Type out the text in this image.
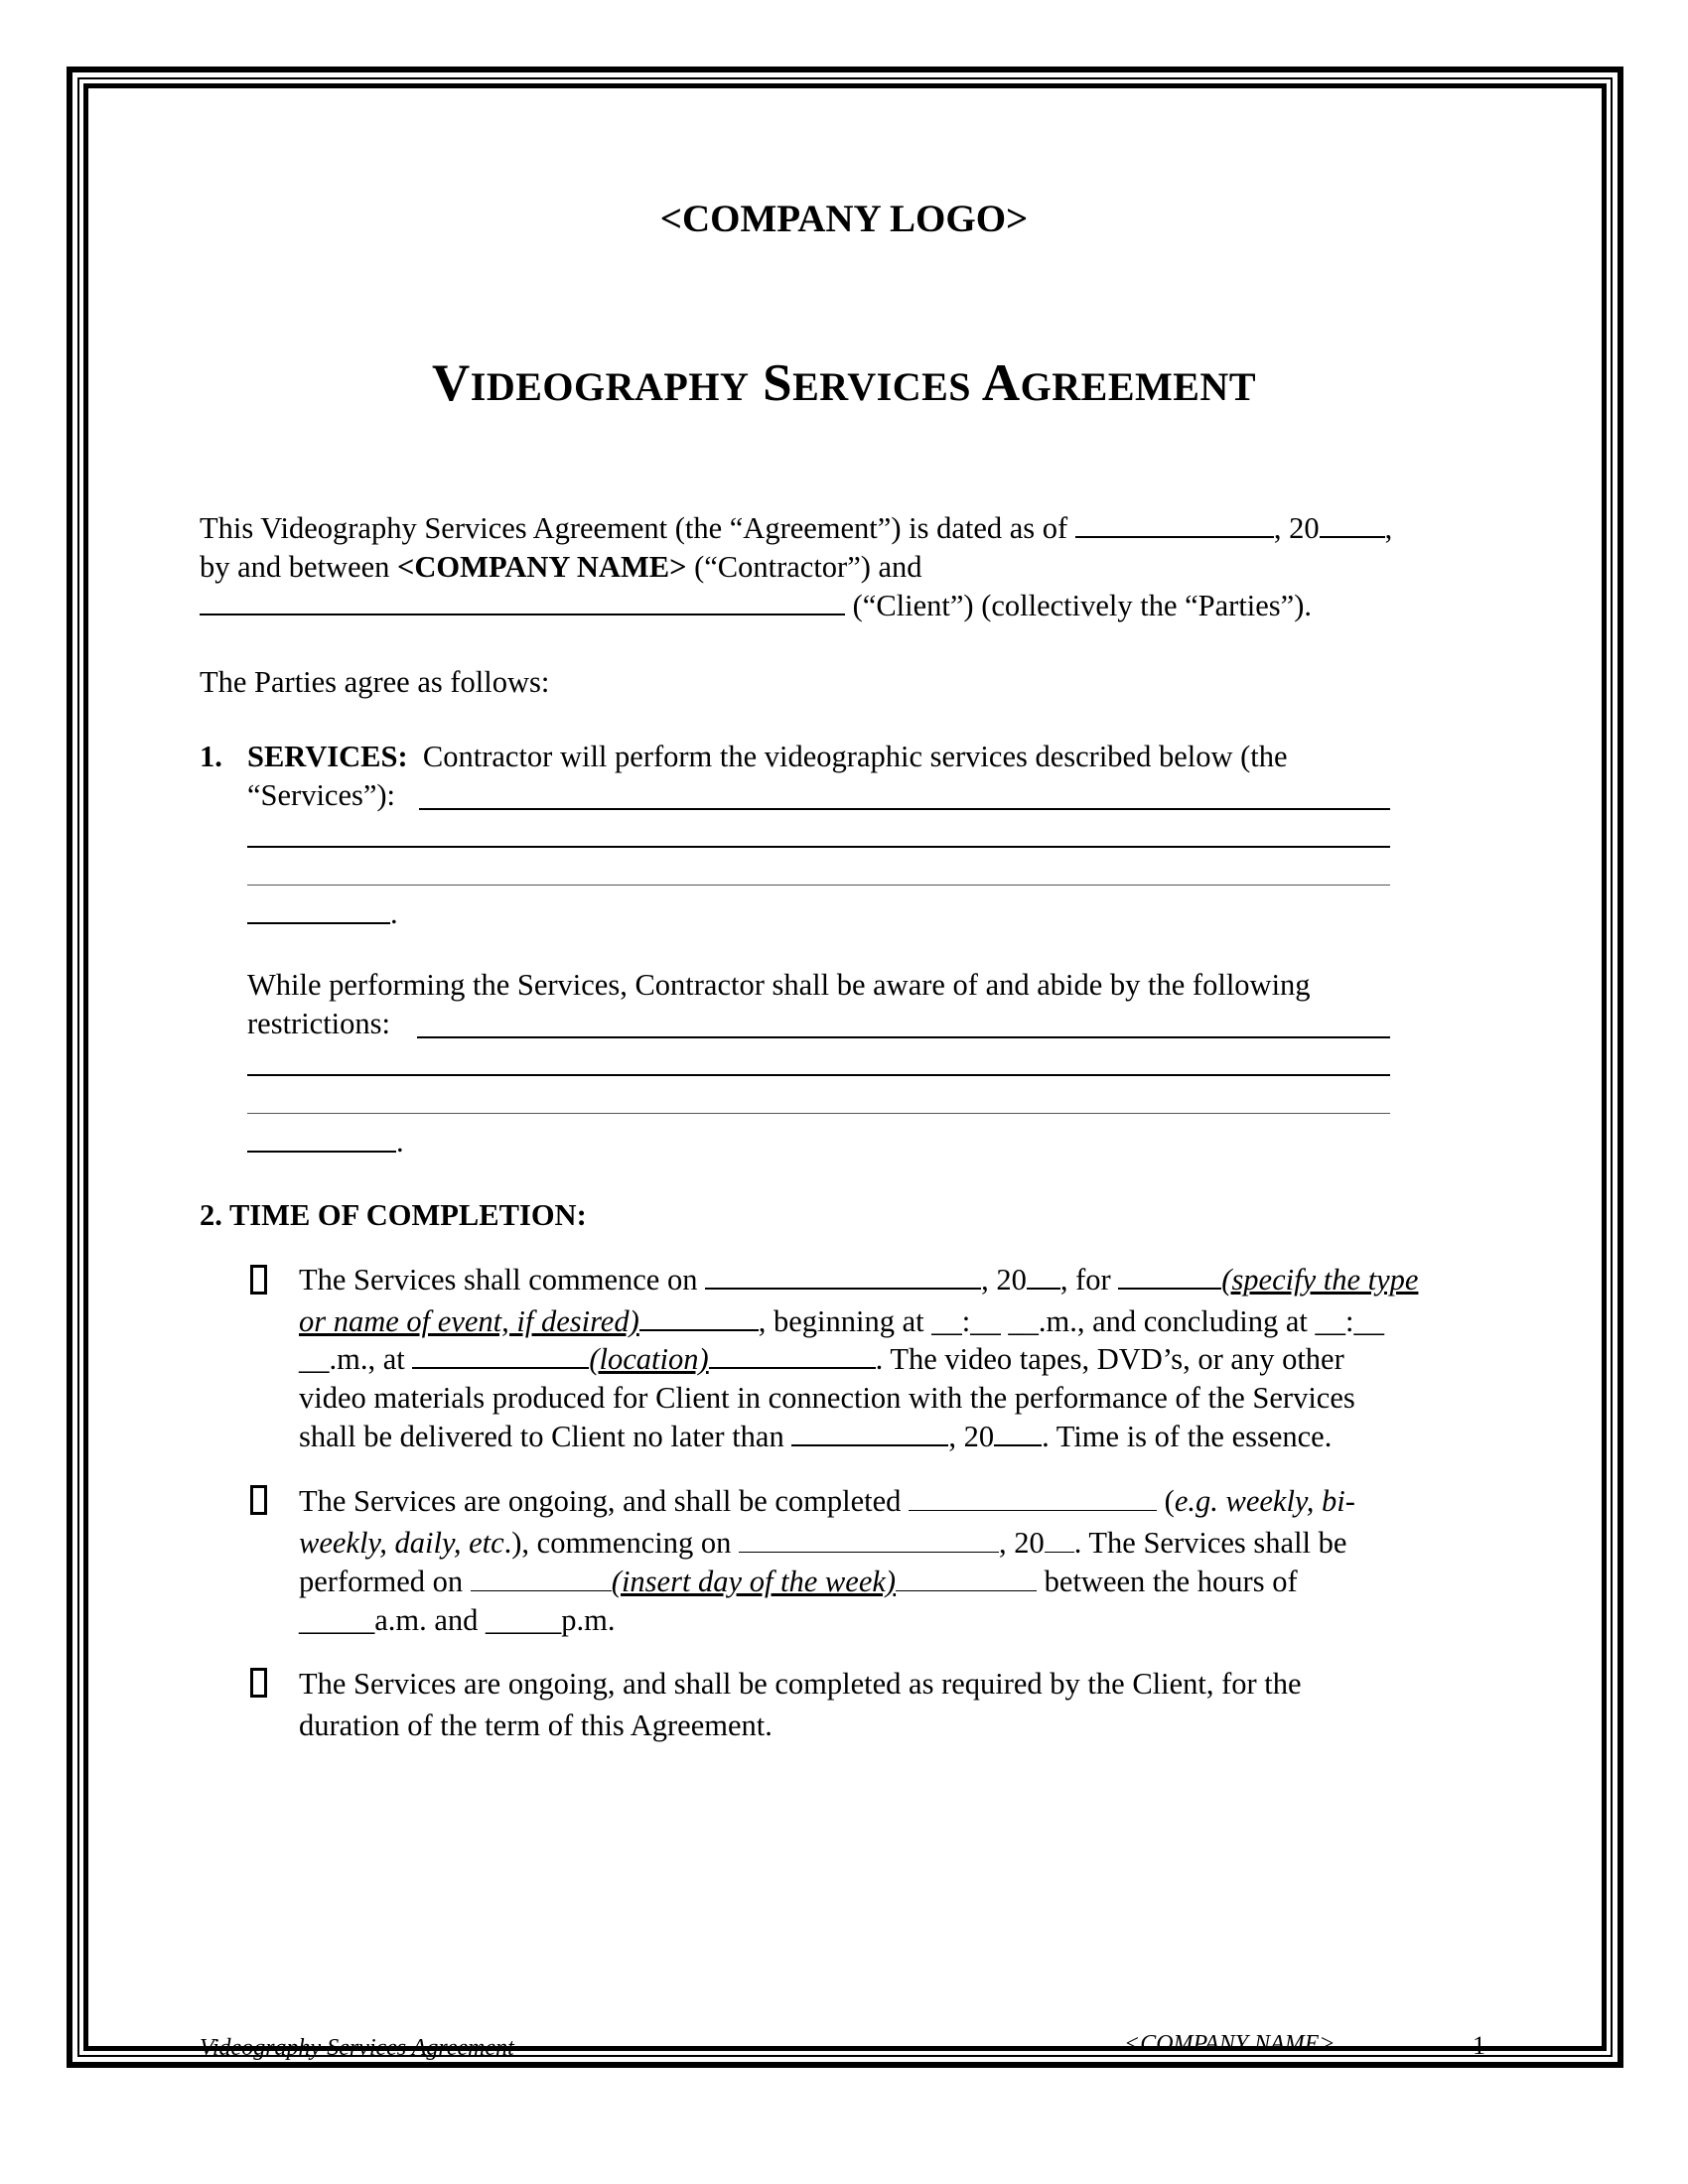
<COMPANY LOGO>
VIDEOGRAPHY SERVICES AGREEMENT
This Videography Services Agreement (the “Agreement”) is dated as of	, 20 ,
by and between <COMPANY NAME> (“Contractor”) and
(“Client”) (collectively the “Parties”).
The Parties agree as follows:
1. SERVICES: Contractor will perform the videographic services described below (the
“Services”):
.
While performing the Services, Contractor shall be aware of and abide by the following
restrictions:
.
2. TIME OF COMPLETION:
The Services shall commence on	, 20 , for	(specify the type
or name of event, if desired)	, beginning at __:__ __.m., and concluding at __:__
__.m., at	(location)	. The video tapes, DVD’s, or any other
video materials produced for Client in connection with the performance of the Services
shall be delivered to Client no later than	, 20 . Time is of the essence.
The Services are ongoing, and shall be completed	(e.g. weekly, bi-
weekly, daily, etc.), commencing on	, 20 . The Services shall be
performed on	(insert day of the week)	between the hours of
_____a.m. and _____p.m.
The Services are ongoing, and shall be completed as required by the Client, for the
duration of the term of this Agreement.
Videography Services Agreement	<COMPANY NAME>	1
